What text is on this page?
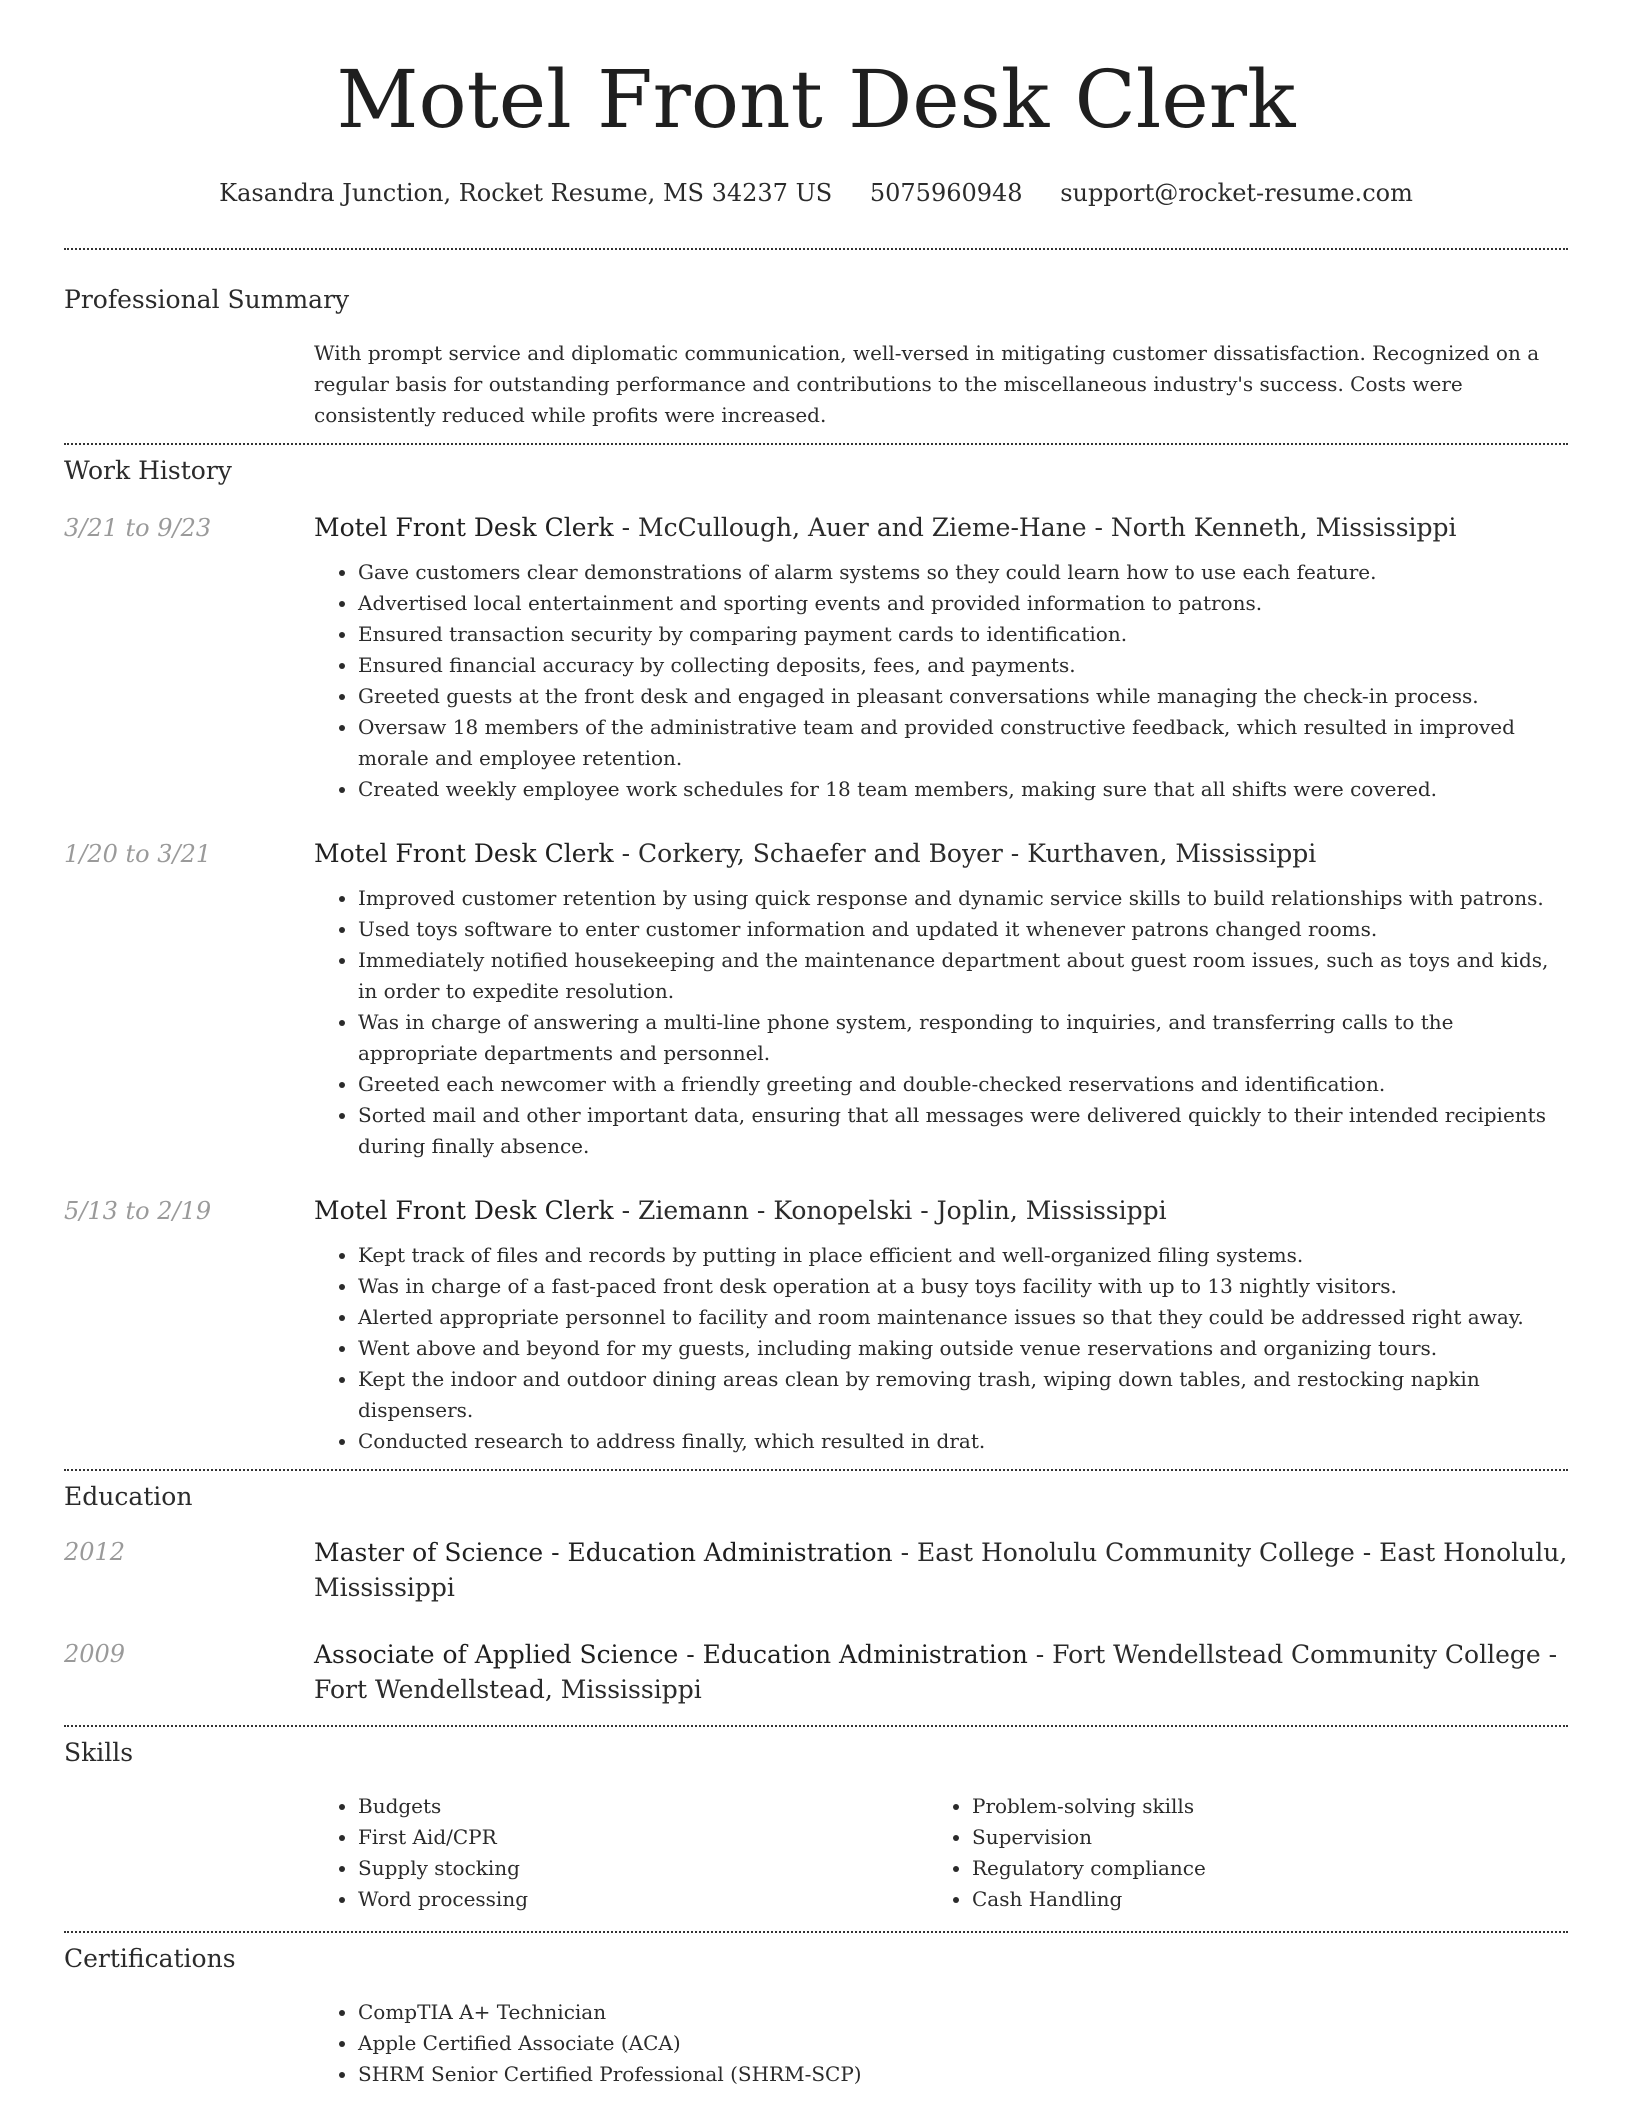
Motel Front Desk Clerk
Kasandra Junction, Rocket Resume, MS 34237 US 5075960948 support@rocket-resume.com
Professional Summary

With prompt service and diplomatic communication, well-versed in mitigating customer dissatisfaction. Recognized on a regular basis for outstanding performance and contributions to the miscellaneous industry's success. Costs were consistently reduced while profits were increased.

Work History
3/21 to 9/23	Motel Front Desk Clerk - McCullough, Auer and Zieme-Hane - North Kenneth, Mississippi

• Gave customers clear demonstrations of alarm systems so they could learn how to use each feature.
• Advertised local entertainment and sporting events and provided information to patrons.
• Ensured transaction security by comparing payment cards to identification.
• Ensured financial accuracy by collecting deposits, fees, and payments.
• Greeted guests at the front desk and engaged in pleasant conversations while managing the check-in process.
• Oversaw 18 members of the administrative team and provided constructive feedback, which resulted in improved morale and employee retention.
• Created weekly employee work schedules for 18 team members, making sure that all shifts were covered.
1/20 to 3/21	Motel Front Desk Clerk - Corkery, Schaefer and Boyer - Kurthaven, Mississippi

• Improved customer retention by using quick response and dynamic service skills to build relationships with patrons.
• Used toys software to enter customer information and updated it whenever patrons changed rooms.
• Immediately notified housekeeping and the maintenance department about guest room issues, such as toys and kids, in order to expedite resolution.
• Was in charge of answering a multi-line phone system, responding to inquiries, and transferring calls to the appropriate departments and personnel.
• Greeted each newcomer with a friendly greeting and double-checked reservations and identification.
• Sorted mail and other important data, ensuring that all messages were delivered quickly to their intended recipients during finally absence.
5/13 to 2/19	Motel Front Desk Clerk - Ziemann - Konopelski - Joplin, Mississippi

• Kept track of files and records by putting in place efficient and well-organized filing systems.
• Was in charge of a fast-paced front desk operation at a busy toys facility with up to 13 nightly visitors.
• Alerted appropriate personnel to facility and room maintenance issues so that they could be addressed right away.
• Went above and beyond for my guests, including making outside venue reservations and organizing tours.
• Kept the indoor and outdoor dining areas clean by removing trash, wiping down tables, and restocking napkin dispensers.
• Conducted research to address finally, which resulted in drat.
Education
2012	Master of Science - Education Administration - East Honolulu Community College - East Honolulu, Mississippi

2009	Associate of Applied Science - Education Administration - Fort Wendellstead Community College - Fort Wendellstead, Mississippi

Skills
• Budgets
• First Aid/CPR
• Supply stocking
• Word processing
• Problem-solving skills
• Supervision
• Regulatory compliance
• Cash Handling
Certifications
• CompTIA A+ Technician
• Apple Certified Associate (ACA)
• SHRM Senior Certified Professional (SHRM-SCP)
